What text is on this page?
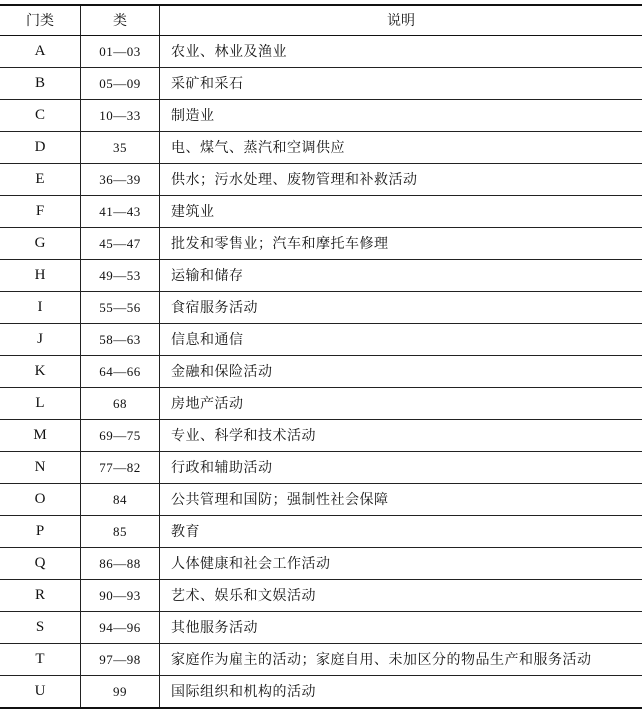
门类	类	说明
A	01—03	农业、林业及渔业
B	05—09	采矿和采石
C	10—33	制造业
D	35	电、煤气、蒸汽和空调供应
E	36—39	供水；污水处理、废物管理和补救活动
F	41—43	建筑业
G	45—47	批发和零售业；汽车和摩托车修理
H	49—53	运输和储存
I	55—56	食宿服务活动
J	58—63	信息和通信
K	64—66	金融和保险活动
L	68	房地产活动
M	69—75	专业、科学和技术活动
N	77—82	行政和辅助活动
O	84	公共管理和国防；强制性社会保障
P	85	教育
Q	86—88	人体健康和社会工作活动
R	90—93	艺术、娱乐和文娱活动
S	94—96	其他服务活动
T	97—98	家庭作为雇主的活动；家庭自用、未加区分的物品生产和服务活动
U	99	国际组织和机构的活动
